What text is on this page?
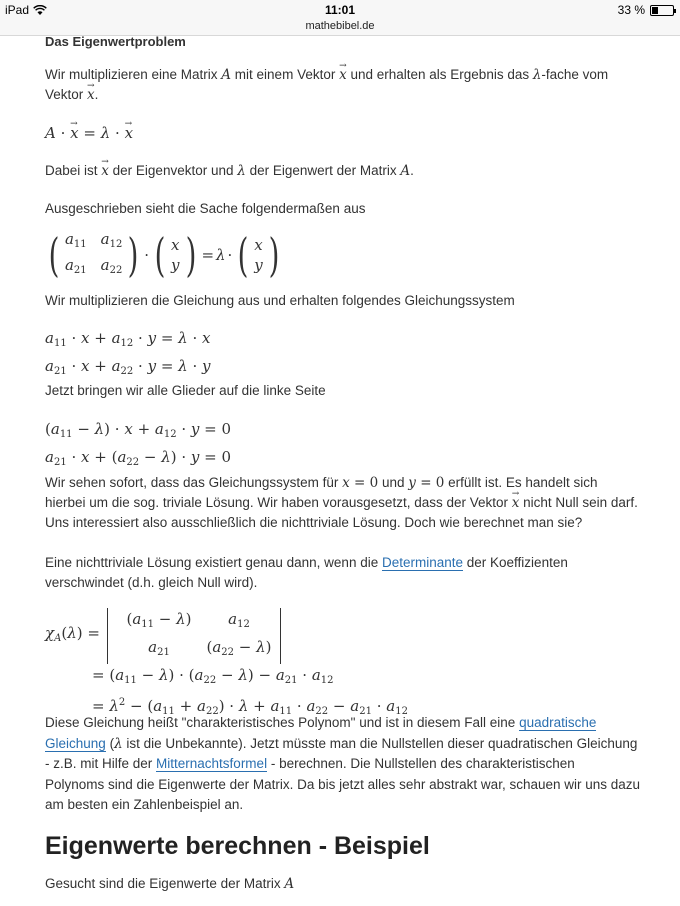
iPad	11:01	33 %
mathebibel.de

Das Eigenwertproblem

Wir multiplizieren eine Matrix A mit einem Vektor → x und erhalten als Ergebnis das λ-fache vom
Vektor → x.

A · → x = λ · → x

Dabei ist → x der Eigenvektor und λ der Eigenwert der Matrix A.

Ausgeschrieben sieht die Sache folgendermaßen aus

( $a_{11}$ $a_{12}$
$a_{21}$ $a_{22}$ ) · ( x
y ) = λ · ( x
y )

Wir multiplizieren die Gleichung aus und erhalten folgendes Gleichungssystem

$a_{11} \cdot x + a_{12} \cdot y = \lambda \cdot x$
$a_{21} \cdot x + a_{22} \cdot y = \lambda \cdot y$

Jetzt bringen wir alle Glieder auf die linke Seite

$(a_{11} - \lambda) \cdot x + a_{12} \cdot y = 0$
$a_{21} \cdot x + (a_{22} - \lambda) \cdot y = 0$

Wir sehen sofort, dass das Gleichungssystem für x = 0 und y = 0 erfüllt ist. Es handelt sich
hierbei um die sog. triviale Lösung. Wir haben vorausgesetzt, dass der Vektor → x nicht Null sein darf.
Uns interessiert also ausschließlich die nichttriviale Lösung. Doch wie berechnet man sie?

Eine nichttriviale Lösung existiert genau dann, wenn die Determinante der Koeffizienten
verschwindet (d.h. gleich Null wird).

$\chi_A(\lambda)$ =
$(a_{11} - \lambda)$	$a_{12}$
$a_{21}$	$(a_{22} - \lambda)$
= $(a_{11} - \lambda) \cdot (a_{22} - \lambda) - a_{21} \cdot a_{12}$
= $\lambda^2 - (a_{11} + a_{22}) \cdot \lambda + a_{11} \cdot a_{22} - a_{21} \cdot a_{12}$

Diese Gleichung heißt "charakteristisches Polynom" und ist in diesem Fall eine quadratische
Gleichung (λ ist die Unbekannte). Jetzt müsste man die Nullstellen dieser quadratischen Gleichung
- z.B. mit Hilfe der Mitternachtsformel - berechnen. Die Nullstellen des charakteristischen
Polynoms sind die Eigenwerte der Matrix. Da bis jetzt alles sehr abstrakt war, schauen wir uns dazu
am besten ein Zahlenbeispiel an.

Eigenwerte berechnen - Beispiel

Gesucht sind die Eigenwerte der Matrix A
